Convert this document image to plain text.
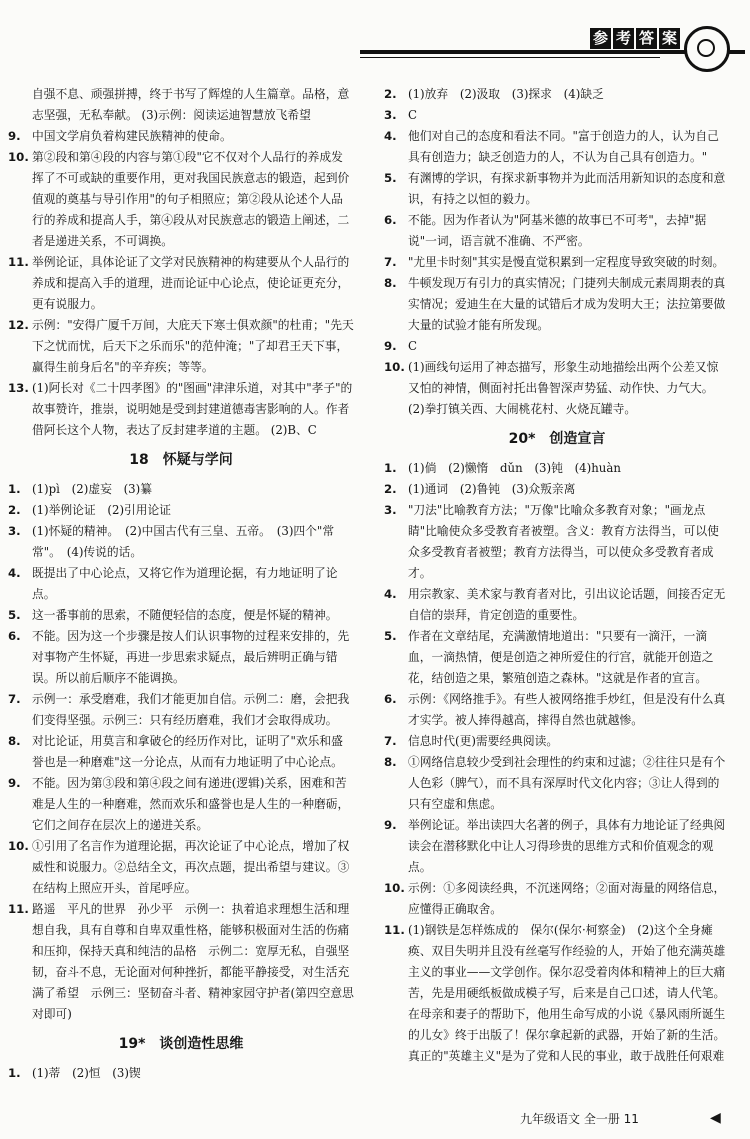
参 考 答 案
自强不息、顽强拼搏，终于书写了辉煌的人生篇章。品格，意志坚强，无私奉献。 (3)示例：阅读运迪智慧放飞希望
9. 中国文学肩负着构建民族精神的使命。
10. 第②段和第④段的内容与第①段"它不仅对个人品行的养成发挥了不可或缺的重要作用，更对我国民族意志的锻造，起到价值观的奠基与导引作用"的句子相照应；第②段从论述个人品行的养成和提高人手，第④段从对民族意志的锻造上阐述，二者是递进关系，不可调换。
11. 举例论证，具体论证了文学对民族精神的构建要从个人品行的养成和提高入手的道理，进而论证中心论点，使论证更充分，更有说服力。
12. 示例："安得广厦千万间，大庇天下寒士俱欢颜"的杜甫；"先天下之忧而忧，后天下之乐而乐"的范仲淹；"了却君王天下事，赢得生前身后名"的辛弃疾；等等。
13. (1)阿长对《二十四孝图》的"图画"津津乐道，对其中"孝子"的故事赞许，推崇，说明她是受到封建道德毒害影响的人。作者借阿长这个人物，表达了反封建孝道的主题。 (2)B、C
18　怀疑与学问
1. (1)pì　(2)虚妄　(3)纂
2. (1)举例论证　(2)引用论证
3. (1)怀疑的精神。　(2)中国古代有三皇、五帝。　(3)四个"常常"。　(4)传说的话。
4. 既提出了中心论点，又将它作为道理论据，有力地证明了论点。
5. 这一番事前的思索，不随便轻信的态度，便是怀疑的精神。
6. 不能。因为这一个步骤是按人们认识事物的过程来安排的，先对事物产生怀疑，再进一步思索求疑点，最后辨明正确与错误。所以前后顺序不能调换。
7. 示例一：承受磨难，我们才能更加自信。示例二：磨，会把我们变得坚强。示例三：只有经历磨难，我们才会取得成功。
8. 对比论证，用莫言和拿破仑的经历作对比，证明了"欢乐和盛誉也是一种磨难"这一分论点，从而有力地证明了中心论点。
9. 不能。因为第③段和第④段之间有递进(逻辑)关系，困难和苦难是人生的一种磨难，然而欢乐和盛誉也是人生的一种磨砺，它们之间存在层次上的递进关系。
10. ①引用了名言作为道理论据，再次论证了中心论点，增加了权威性和说服力。②总结全文，再次点题，提出希望与建议。③在结构上照应开头，首尾呼应。
11. 路遥　平凡的世界　孙少平　示例一：执着追求理想生活和理想自我，具有自尊和自卑双重性格，能够积极面对生活的伤痛和压抑，保持天真和纯洁的品格　示例二：宽厚无私，自强坚韧，奋斗不息，无论面对何种挫折，都能平静接受，对生活充满了希望　示例三：坚韧奋斗者、精神家园守护者(第四空意思对即可)
19*　谈创造性思维
1. (1)蒂　(2)恒　(3)锲
2. (1)放弃　(2)汲取　(3)探求　(4)缺乏
3. C
4. 他们对自己的态度和看法不同。"富于创造力的人，认为自己具有创造力；缺乏创造力的人，不认为自己具有创造力。"
5. 有渊博的学识，有探求新事物并为此而活用新知识的态度和意识，有持之以恒的毅力。
6. 不能。因为作者认为"阿基米德的故事已不可考"，去掉"据说"一词，语言就不准确、不严密。
7. "尤里卡时刻"其实是慢直觉积累到一定程度导致突破的时刻。
8. 牛顿发现万有引力的真实情况；门捷列夫制成元素周期表的真实情况；爱迪生在大量的试错后才成为发明大王；法拉第要做大量的试验才能有所发现。
9. C
10. (1)画线句运用了神态描写，形象生动地描绘出两个公差又惊又怕的神情，侧面衬托出鲁智深声势猛、动作快、力气大。 (2)拳打镇关西、大闹桃花村、火烧瓦罐寺。
20*　创造宣言
1. (1)倘　(2)懒惰　dǔn　(3)钝　(4)huàn
2. (1)通词　(2)鲁钝　(3)众叛亲离
3. "刀法"比喻教育方法；"万像"比喻众多教育对象；"画龙点睛"比喻使众多受教育者被塑。含义：教育方法得当，可以使众多受教育者被塑；教育方法得当，可以使众多受教育者成才。
4. 用宗教家、美术家与教育者对比，引出议论话题，间接否定无自信的崇拜，肯定创造的重要性。
5. 作者在文章结尾，充满激情地道出："只要有一滴汗，一滴血，一滴热情，便是创造之神所爱住的行宫，就能开创造之花，结创造之果，繁殖创造之森林。"这就是作者的宣言。
6. 示例：《网络推手》。有些人被网络推手炒红，但是没有什么真才实学。被人捧得越高，摔得自然也就越惨。
7. 信息时代(更)需要经典阅读。
8. ①网络信息较少受到社会理性的约束和过滤；②往往只是有个人色彩（脾气），而不具有深厚时代文化内容；③让人得到的只有空虚和焦虑。
9. 举例论证。举出读四大名著的例子，具体有力地论证了经典阅读会在潜移默化中让人习得珍贵的思维方式和价值观念的观点。
10. 示例：①多阅读经典，不沉迷网络；②面对海量的网络信息，应懂得正确取舍。
11. (1)钢铁是怎样炼成的　保尔(保尔·柯察金)　(2)这个全身瘫痪、双目失明并且没有丝毫写作经验的人，开始了他充满英雄主义的事业——文学创作。保尔忍受着肉体和精神上的巨大痛苦，先是用硬纸板做成模子写，后来是自己口述，请人代笔。在母亲和妻子的帮助下，他用生命写成的小说《暴风雨所诞生的儿女》终于出版了！保尔拿起新的武器，开始了新的生活。真正的"英雄主义"是为了党和人民的事业，敢于战胜任何艰难
九年级语文 全一册 11	◀
